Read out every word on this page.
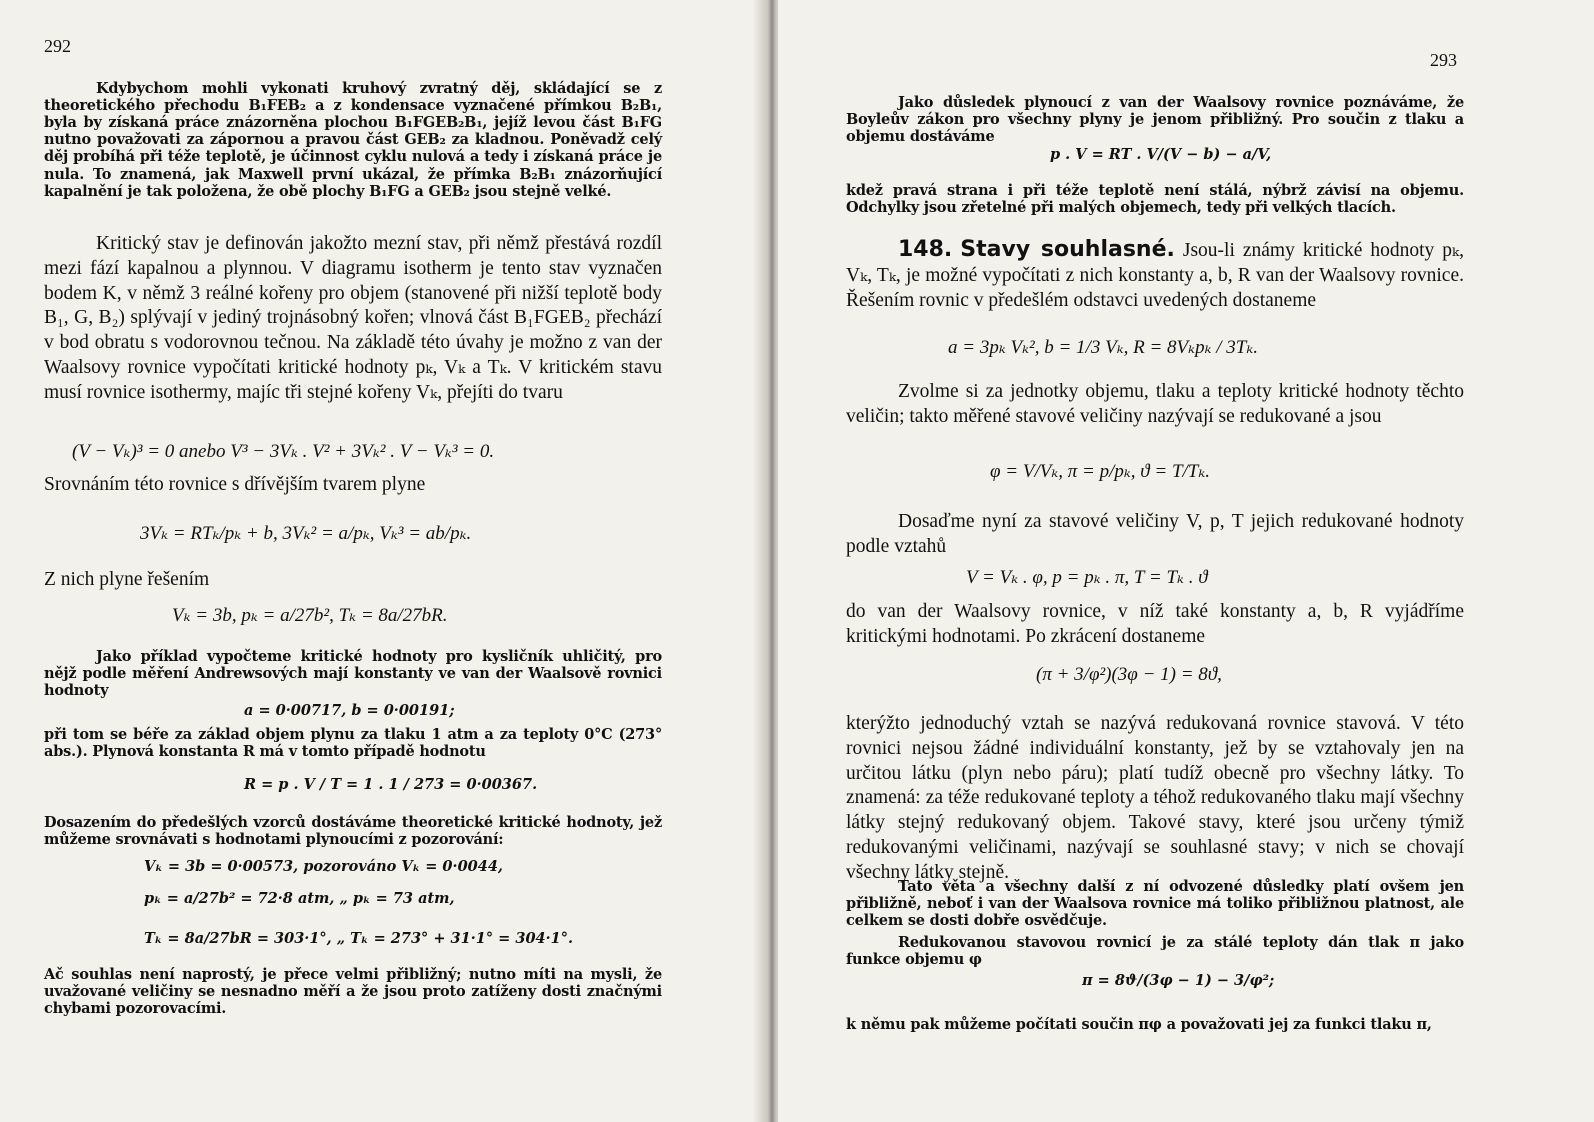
292
Kdybychom mohli vykonati kruhový zvratný děj, skládající se z theoretického přechodu B₁FEB₂ a z kondensace vyznačené přímkou B₂B₁, byla by získaná práce znázorněna plochou B₁FGEB₂B₁, jejíž levou část B₁FG nutno považovati za zápornou a pravou část GEB₂ za kladnou. Poněvadž celý děj probíhá při téže teplotě, je účinnost cyklu nulová a tedy i získaná práce je nula. To znamená, jak Maxwell první ukázal, že přímka B₂B₁ znázorňující kapalnění je tak položena, že obě plochy B₁FG a GEB₂ jsou stejně velké.
Kritický stav je definován jakožto mezní stav, při němž přestává rozdíl mezi fází kapalnou a plynnou. V diagramu isotherm je tento stav vyznačen bodem K, v němž 3 reálné kořeny pro objem (stanovené při nižší teplotě body B₁, G, B₂) splývají v jediný trojnásobný kořen; vlnová část B₁FGEB₂ přechází v bod obratu s vodorovnou tečnou. Na základě této úvahy je možno z van der Waalsovy rovnice vypočítati kritické hodnoty pₖ, Vₖ a Tₖ. V kritickém stavu musí rovnice isothermy, majíc tři stejné kořeny Vₖ, přejíti do tvaru
(V − Vₖ)³ = 0 anebo V³ − 3Vₖ . V² + 3Vₖ² . V − Vₖ³ = 0.
Srovnáním této rovnice s dřívějším tvarem plyne
3Vₖ = RTₖ/pₖ + b, 3Vₖ² = a/pₖ, Vₖ³ = ab/pₖ.
Z nich plyne řešením
Vₖ = 3b, pₖ = a/27b², Tₖ = 8a/27bR.
Jako příklad vypočteme kritické hodnoty pro kysličník uhličitý, pro nějž podle měření Andrewsových mají konstanty ve van der Waalsově rovnici hodnoty
a = 0·00717, b = 0·00191;
při tom se béře za základ objem plynu za tlaku 1 atm a za teploty 0°C (273° abs.). Plynová konstanta R má v tomto případě hodnotu
R = p . V / T = 1 . 1 / 273 = 0·00367.
Dosazením do předešlých vzorců dostáváme theoretické kritické hodnoty, jež můžeme srovnávati s hodnotami plynoucími z pozorování:
Vₖ = 3b = 0·00573, pozorováno Vₖ = 0·0044,
pₖ = a/27b² = 72·8 atm, „ pₖ = 73 atm,
Tₖ = 8a/27bR = 303·1°, „ Tₖ = 273° + 31·1° = 304·1°.
Ač souhlas není naprostý, je přece velmi přibližný; nutno míti na mysli, že uvažované veličiny se nesnadno měří a že jsou proto zatíženy dosti značnými chybami pozorovacími.
293
Jako důsledek plynoucí z van der Waalsovy rovnice poznáváme, že Boyleův zákon pro všechny plyny je jenom přibližný. Pro součin z tlaku a objemu dostáváme
p . V = RT . V/(V − b) − a/V,
kdež pravá strana i při téže teplotě není stálá, nýbrž závisí na objemu. Odchylky jsou zřetelné při malých objemech, tedy při velkých tlacích.
148. Stavy souhlasné. Jsou-li známy kritické hodnoty pₖ, Vₖ, Tₖ, je možné vypočítati z nich konstanty a, b, R van der Waalsovy rovnice. Řešením rovnic v předešlém odstavci uvedených dostaneme
a = 3pₖ Vₖ², b = 1/3 Vₖ, R = 8Vₖpₖ / 3Tₖ.
Zvolme si za jednotky objemu, tlaku a teploty kritické hodnoty těchto veličin; takto měřené stavové veličiny nazývají se redukované a jsou
φ = V/Vₖ, π = p/pₖ, ϑ = T/Tₖ.
Dosaďme nyní za stavové veličiny V, p, T jejich redukované hodnoty podle vztahů
V = Vₖ . φ, p = pₖ . π, T = Tₖ . ϑ
do van der Waalsovy rovnice, v níž také konstanty a, b, R vyjádříme kritickými hodnotami. Po zkrácení dostaneme
(π + 3/φ²)(3φ − 1) = 8ϑ,
kterýžto jednoduchý vztah se nazývá redukovaná rovnice stavová. V této rovnici nejsou žádné individuální konstanty, jež by se vztahovaly jen na určitou látku (plyn nebo páru); platí tudíž obecně pro všechny látky. To znamená: za téže redukované teploty a téhož redukovaného tlaku mají všechny látky stejný redukovaný objem. Takové stavy, které jsou určeny týmiž redukovanými veličinami, nazývají se souhlasné stavy; v nich se chovají všechny látky stejně.
Tato věta a všechny další z ní odvozené důsledky platí ovšem jen přibližně, neboť i van der Waalsova rovnice má toliko přibližnou platnost, ale celkem se dosti dobře osvědčuje.
Redukovanou stavovou rovnicí je za stálé teploty dán tlak π jako funkce objemu φ
π = 8ϑ/(3φ − 1) − 3/φ²;
k němu pak můžeme počítati součin πφ a považovati jej za funkci tlaku π,
